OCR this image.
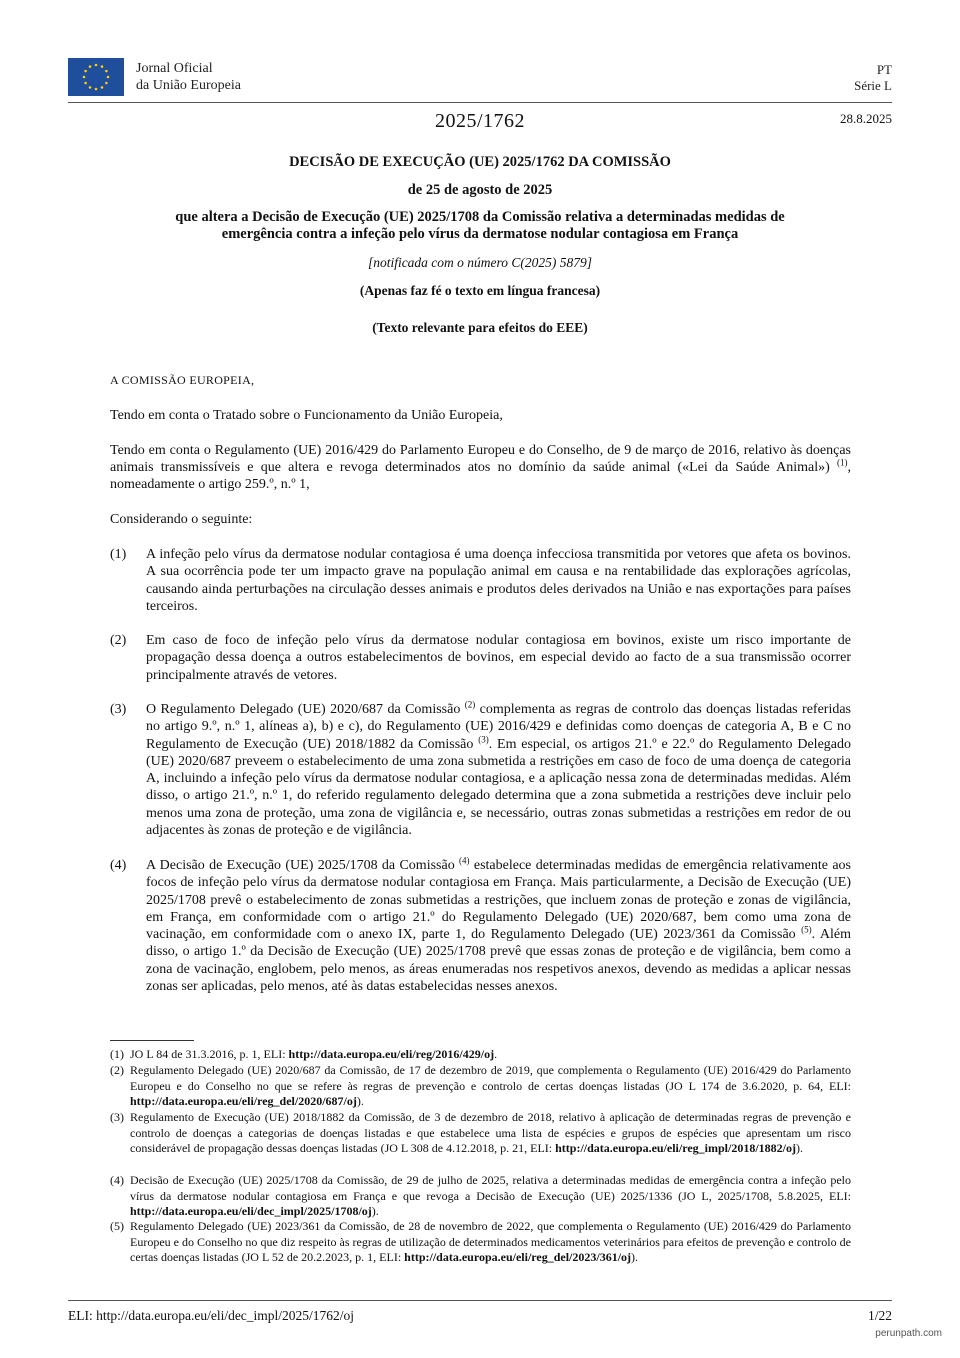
Jornal Oficial
da União Europeia
PT
Série L
2025/1762	28.8.2025
DECISÃO DE EXECUÇÃO (UE) 2025/1762 DA COMISSÃO
de 25 de agosto de 2025
que altera a Decisão de Execução (UE) 2025/1708 da Comissão relativa a determinadas medidas de emergência contra a infeção pelo vírus da dermatose nodular contagiosa em França
[notificada com o número C(2025) 5879]
(Apenas faz fé o texto em língua francesa)
(Texto relevante para efeitos do EEE)
A COMISSÃO EUROPEIA,
Tendo em conta o Tratado sobre o Funcionamento da União Europeia,
Tendo em conta o Regulamento (UE) 2016/429 do Parlamento Europeu e do Conselho, de 9 de março de 2016, relativo às doenças animais transmissíveis e que altera e revoga determinados atos no domínio da saúde animal («Lei da Saúde Animal») $^{(1)}$, nomeadamente o artigo 259.º, n.º 1,
Considerando o seguinte:
(1) A infeção pelo vírus da dermatose nodular contagiosa é uma doença infecciosa transmitida por vetores que afeta os bovinos. A sua ocorrência pode ter um impacto grave na população animal em causa e na rentabilidade das explorações agrícolas, causando ainda perturbações na circulação desses animais e produtos deles derivados na União e nas exportações para países terceiros.
(2) Em caso de foco de infeção pelo vírus da dermatose nodular contagiosa em bovinos, existe um risco importante de propagação dessa doença a outros estabelecimentos de bovinos, em especial devido ao facto de a sua transmissão ocorrer principalmente através de vetores.
(3) O Regulamento Delegado (UE) 2020/687 da Comissão $^{(2)}$ complementa as regras de controlo das doenças listadas referidas no artigo 9.º, n.º 1, alíneas a), b) e c), do Regulamento (UE) 2016/429 e definidas como doenças de categoria A, B e C no Regulamento de Execução (UE) 2018/1882 da Comissão $^{(3)}$. Em especial, os artigos 21.º e 22.º do Regulamento Delegado (UE) 2020/687 preveem o estabelecimento de uma zona submetida a restrições em caso de foco de uma doença de categoria A, incluindo a infeção pelo vírus da dermatose nodular contagiosa, e a aplicação nessa zona de determinadas medidas. Além disso, o artigo 21.º, n.º 1, do referido regulamento delegado determina que a zona submetida a restrições deve incluir pelo menos uma zona de proteção, uma zona de vigilância e, se necessário, outras zonas submetidas a restrições em redor de ou adjacentes às zonas de proteção e de vigilância.
(4) A Decisão de Execução (UE) 2025/1708 da Comissão $^{(4)}$ estabelece determinadas medidas de emergência relativamente aos focos de infeção pelo vírus da dermatose nodular contagiosa em França. Mais particularmente, a Decisão de Execução (UE) 2025/1708 prevê o estabelecimento de zonas submetidas a restrições, que incluem zonas de proteção e zonas de vigilância, em França, em conformidade com o artigo 21.º do Regulamento Delegado (UE) 2020/687, bem como uma zona de vacinação, em conformidade com o anexo IX, parte 1, do Regulamento Delegado (UE) 2023/361 da Comissão $^{(5)}$. Além disso, o artigo 1.º da Decisão de Execução (UE) 2025/1708 prevê que essas zonas de proteção e de vigilância, bem como a zona de vacinação, englobem, pelo menos, as áreas enumeradas nos respetivos anexos, devendo as medidas a aplicar nessas zonas ser aplicadas, pelo menos, até às datas estabelecidas nesses anexos.
(1) JO L 84 de 31.3.2016, p. 1, ELI: http://data.europa.eu/eli/reg/2016/429/oj.
(2) Regulamento Delegado (UE) 2020/687 da Comissão, de 17 de dezembro de 2019, que complementa o Regulamento (UE) 2016/429 do Parlamento Europeu e do Conselho no que se refere às regras de prevenção e controlo de certas doenças listadas (JO L 174 de 3.6.2020, p. 64, ELI: http://data.europa.eu/eli/reg_del/2020/687/oj).
(3) Regulamento de Execução (UE) 2018/1882 da Comissão, de 3 de dezembro de 2018, relativo à aplicação de determinadas regras de prevenção e controlo de doenças a categorias de doenças listadas e que estabelece uma lista de espécies e grupos de espécies que apresentam um risco considerável de propagação dessas doenças listadas (JO L 308 de 4.12.2018, p. 21, ELI: http://data.europa.eu/eli/reg_impl/2018/1882/oj).
(4) Decisão de Execução (UE) 2025/1708 da Comissão, de 29 de julho de 2025, relativa a determinadas medidas de emergência contra a infeção pelo vírus da dermatose nodular contagiosa em França e que revoga a Decisão de Execução (UE) 2025/1336 (JO L, 2025/1708, 5.8.2025, ELI: http://data.europa.eu/eli/dec_impl/2025/1708/oj).
(5) Regulamento Delegado (UE) 2023/361 da Comissão, de 28 de novembro de 2022, que complementa o Regulamento (UE) 2016/429 do Parlamento Europeu e do Conselho no que diz respeito às regras de utilização de determinados medicamentos veterinários para efeitos de prevenção e controlo de certas doenças listadas (JO L 52 de 20.2.2023, p. 1, ELI: http://data.europa.eu/eli/reg_del/2023/361/oj).
ELI: http://data.europa.eu/eli/dec_impl/2025/1762/oj	1/22
perunpath.com
